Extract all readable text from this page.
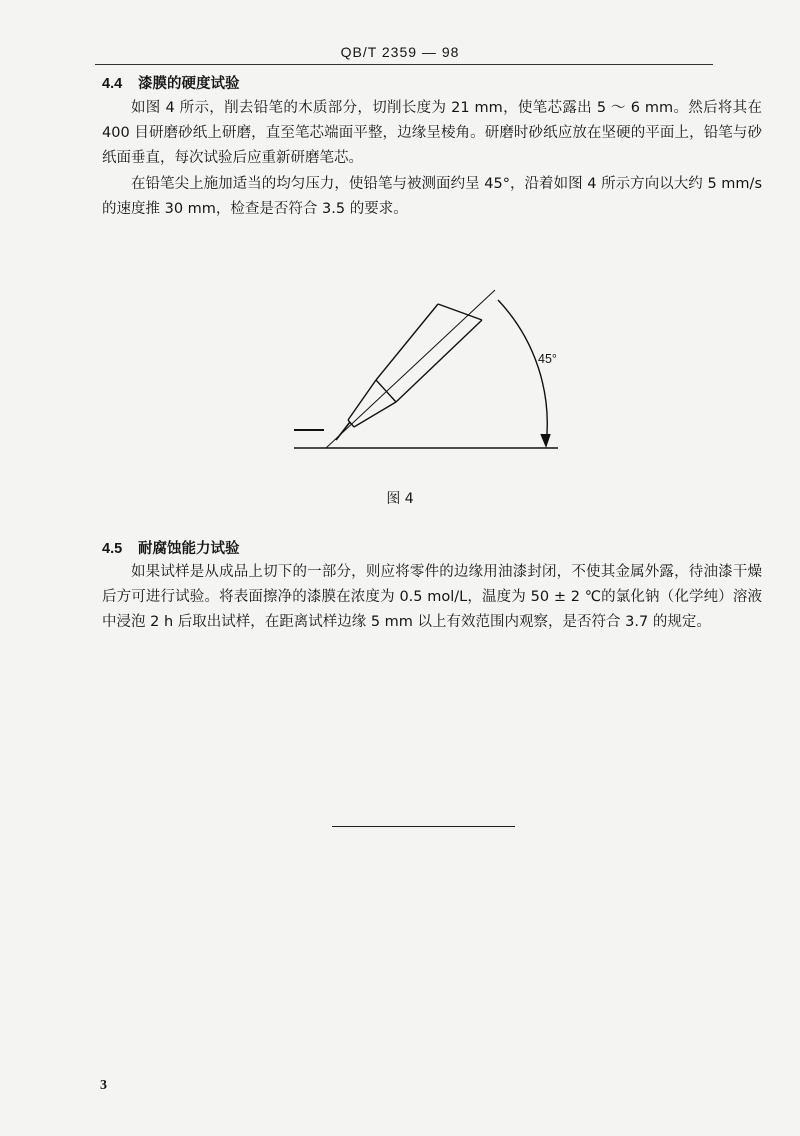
QB/T 2359 — 98
4.4 漆膜的硬度试验

如图 4 所示，削去铅笔的木质部分，切削长度为 21 mm，使笔芯露出 5 ～ 6 mm。然后将其在 400 目研磨砂纸上研磨，直至笔芯端面平整，边缘呈棱角。研磨时砂纸应放在坚硬的平面上，铅笔与砂纸面垂直，每次试验后应重新研磨笔芯。

在铅笔尖上施加适当的均匀压力，使铅笔与被测面约呈 45°，沿着如图 4 所示方向以大约 5 mm/s 的速度推 30 mm，检查是否符合 3.5 的要求。

45°
图 4
4.5 耐腐蚀能力试验

如果试样是从成品上切下的一部分，则应将零件的边缘用油漆封闭，不使其金属外露，待油漆干燥后方可进行试验。将表面擦净的漆膜在浓度为 0.5 mol/L，温度为 50 ± 2 ℃的氯化钠（化学纯）溶液中浸泡 2 h 后取出试样，在距离试样边缘 5 mm 以上有效范围内观察，是否符合 3.7 的规定。

3
